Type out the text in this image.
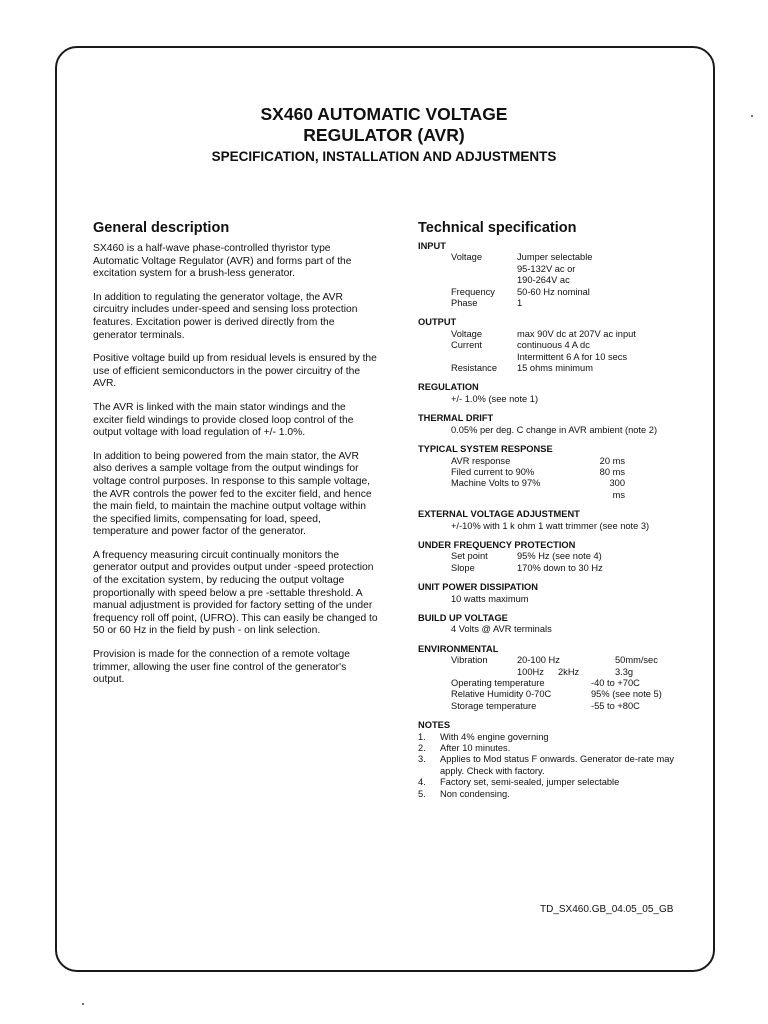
SX460 AUTOMATIC VOLTAGE
REGULATOR (AVR)
SPECIFICATION, INSTALLATION AND ADJUSTMENTS
General description

SX460 is a half-wave phase-controlled thyristor type Automatic Voltage Regulator (AVR) and forms part of the excitation system for a brush-less generator.

In addition to regulating the generator voltage, the AVR circuitry includes under-speed and sensing loss protection features. Excitation power is derived directly from the generator terminals.

Positive voltage build up from residual levels is ensured by the use of efficient semiconductors in the power circuitry of the AVR.

The AVR is linked with the main stator windings and the exciter field windings to provide closed loop control of the output voltage with load regulation of +/- 1.0%.

In addition to being powered from the main stator, the AVR also derives a sample voltage from the output windings for voltage control purposes. In response to this sample voltage, the AVR controls the power fed to the exciter field, and hence the main field, to maintain the machine output voltage within the specified limits, compensating for load, speed, temperature and power factor of the generator.

A frequency measuring circuit continually monitors the generator output and provides output under -speed protection of the excitation system, by reducing the output voltage proportionally with speed below a pre -settable threshold. A manual adjustment is provided for factory setting of the under frequency roll off point, (UFRO). This can easily be changed to 50 or 60 Hz in the field by push - on link selection.

Provision is made for the connection of a remote voltage trimmer, allowing the user fine control of the generator's output.

Technical specification
INPUT
Voltage	Jumper selectable
95-132V ac or
190-264V ac
Frequency	50-60 Hz nominal
Phase	1
OUTPUT
Voltage	max 90V dc at 207V ac input
Current	continuous 4 A dc
Intermittent 6 A for 10 secs
Resistance	15 ohms minimum
REGULATION
+/- 1.0% (see note 1)
THERMAL DRIFT
0.05% per deg. C change in AVR ambient (note 2)
TYPICAL SYSTEM RESPONSE
AVR response	20 ms
Filed current to 90%	80 ms
Machine Volts to 97%	300 ms
EXTERNAL VOLTAGE ADJUSTMENT
+/-10% with 1 k ohm 1 watt trimmer (see note 3)
UNDER FREQUENCY PROTECTION
Set point	95% Hz (see note 4)
Slope	170% down to 30 Hz
UNIT POWER DISSIPATION
10 watts maximum
BUILD UP VOLTAGE
4 Volts @ AVR terminals
ENVIRONMENTAL
Vibration	20-100 Hz	50mm/sec
100Hz	2kHz	3.3g
Operating temperature	-40 to +70C
Relative Humidity 0-70C	95% (see note 5)
Storage temperature	-55 to +80C
NOTES
1.	With 4% engine governing
2.	After 10 minutes.
3.	Applies to Mod status F onwards. Generator de-rate may apply. Check with factory.
4.	Factory set, semi-sealed, jumper selectable
5.	Non condensing.
TD_SX460.GB_04.05_05_GB
